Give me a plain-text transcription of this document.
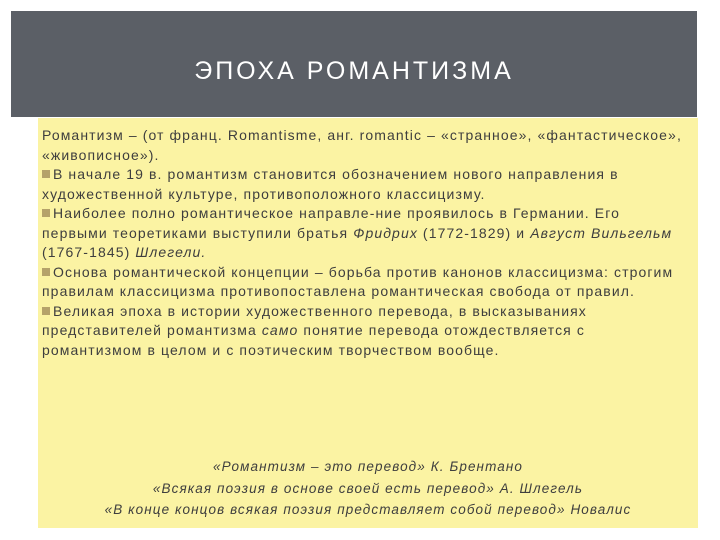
ЭПОХА РОМАНТИЗМА

Романтизм – (от франц. Romantisme, анг. romantic – «странное», «фантастическое», «живописное»).

В начале 19 в. романтизм становится обозначением нового направления в художественной культуре, противоположного классицизму.

Наиболее полно романтическое направле-ние проявилось в Германии. Его первыми теоретиками выступили братья Фридрих (1772-1829) и Август Вильгельм (1767-1845) Шлегели.

Основа романтической концепции – борьба против канонов классицизма: строгим правилам классицизма противопоставлена романтическая свобода от правил.

Великая эпоха в истории художественного перевода, в высказываниях представителей романтизма само понятие перевода отождествляется с романтизмом в целом и с поэтическим творчеством вообще.

«Романтизм – это перевод» К. Брентано
«Всякая поэзия в основе своей есть перевод» А. Шлегель
«В конце концов всякая поэзия представляет собой перевод» Новалис
